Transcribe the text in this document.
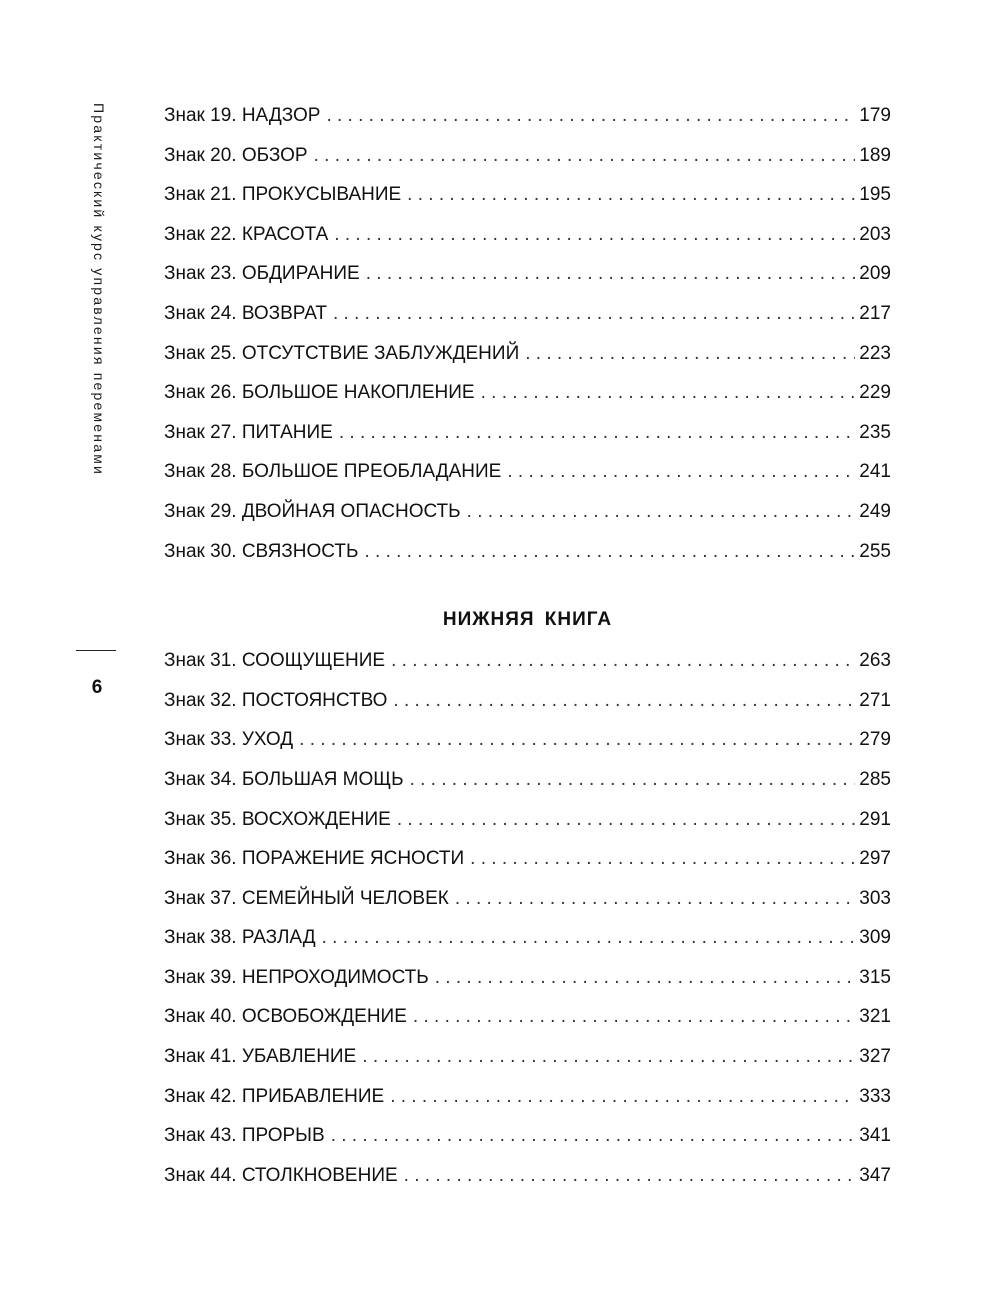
Практический курс управления переменами
6
Знак 19. НАДЗОР . . .	179
Знак 20. ОБЗОР . . .	189
Знак 21. ПРОКУСЫВАНИЕ . . .	195
Знак 22. КРАСОТА . . .	203
Знак 23. ОБДИРАНИЕ . . .	209
Знак 24. ВОЗВРАТ . . .	217
Знак 25. ОТСУТСТВИЕ ЗАБЛУЖДЕНИЙ . . .	223
Знак 26. БОЛЬШОЕ НАКОПЛЕНИЕ . . .	229
Знак 27. ПИТАНИЕ . . .	235
Знак 28. БОЛЬШОЕ ПРЕОБЛАДАНИЕ . . .	241
Знак 29. ДВОЙНАЯ ОПАСНОСТЬ . . .	249
Знак 30. СВЯЗНОСТЬ . . .	255
НИЖНЯЯ КНИГА
Знак 31. СООЩУЩЕНИЕ . . .	263
Знак 32. ПОСТОЯНСТВО . . .	271
Знак 33. УХОД . . .	279
Знак 34. БОЛЬШАЯ МОЩЬ . . .	285
Знак 35. ВОСХОЖДЕНИЕ . . .	291
Знак 36. ПОРАЖЕНИЕ ЯСНОСТИ . . .	297
Знак 37. СЕМЕЙНЫЙ ЧЕЛОВЕК . . .	303
Знак 38. РАЗЛАД . . .	309
Знак 39. НЕПРОХОДИМОСТЬ . . .	315
Знак 40. ОСВОБОЖДЕНИЕ . . .	321
Знак 41. УБАВЛЕНИЕ . . .	327
Знак 42. ПРИБАВЛЕНИЕ . . .	333
Знак 43. ПРОРЫВ . . .	341
Знак 44. СТОЛКНОВЕНИЕ . . .	347
